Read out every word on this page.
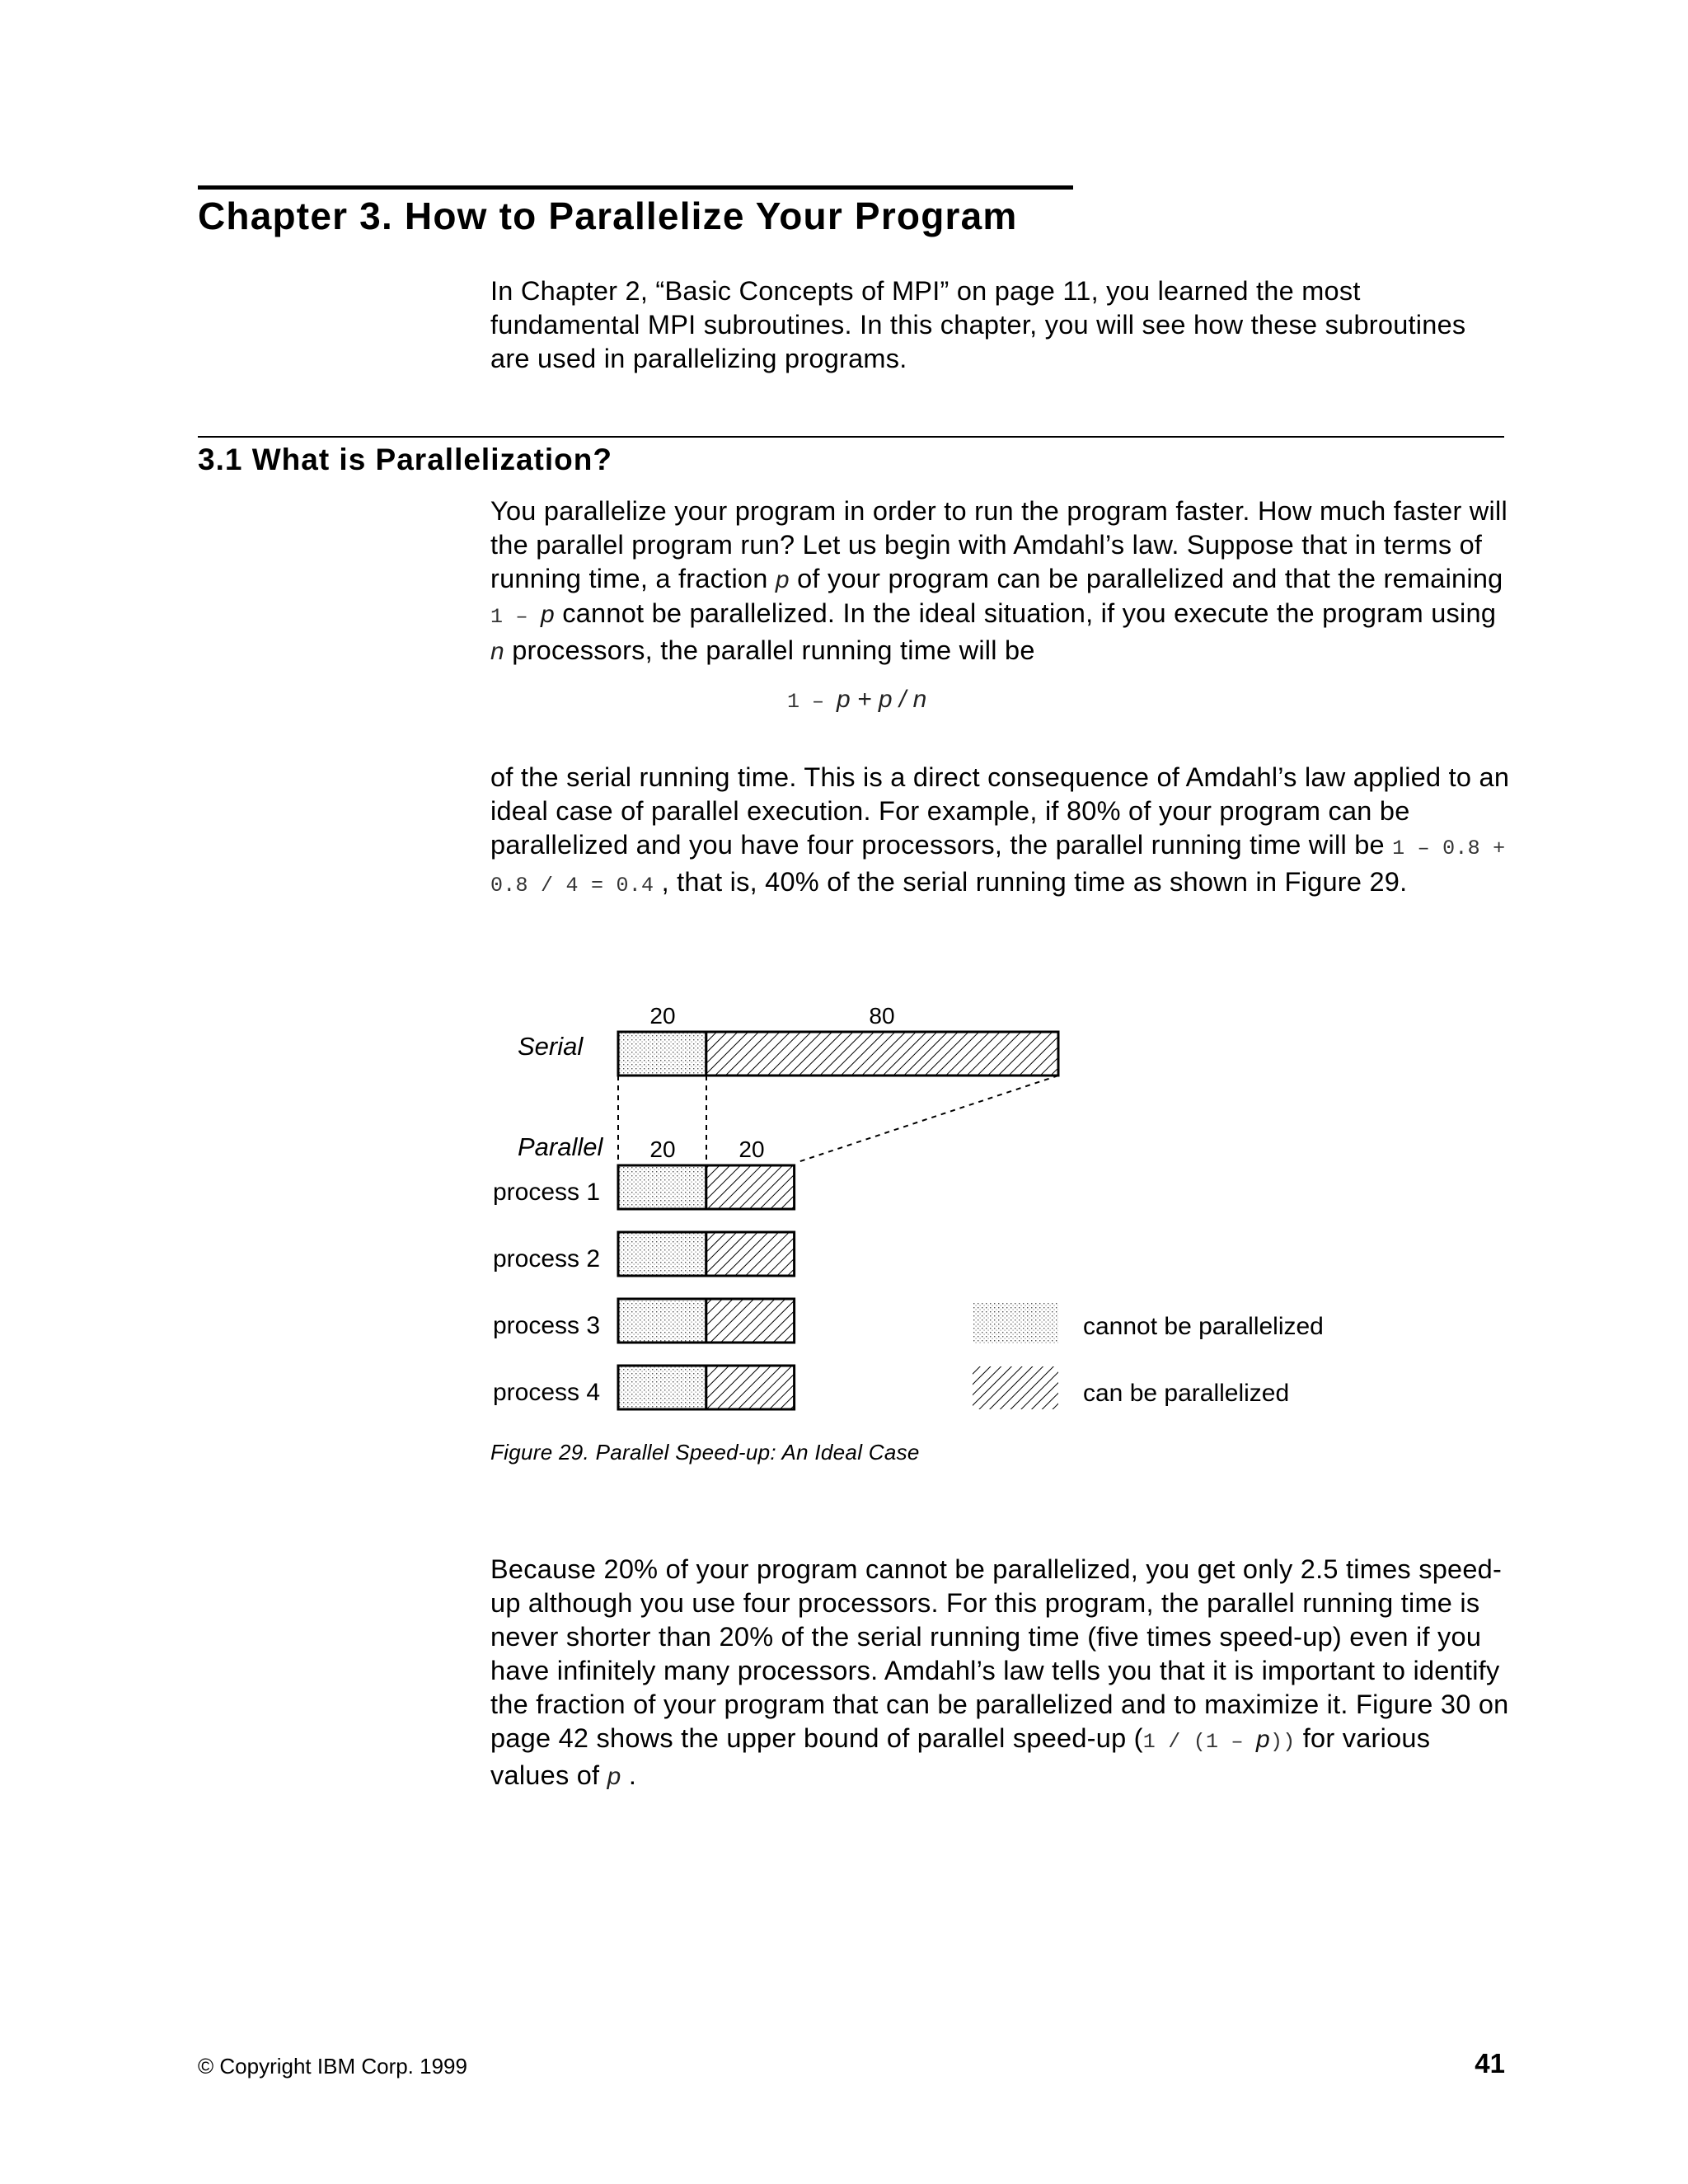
Chapter 3. How to Parallelize Your Program

In Chapter 2, “Basic Concepts of MPI” on page 11, you learned the most fundamental MPI subroutines. In this chapter, you will see how these subroutines are used in parallelizing programs.

3.1 What is Parallelization?

You parallelize your program in order to run the program faster. How much faster will the parallel program run? Let us begin with Amdahl’s law. Suppose that in terms of running time, a fraction p of your program can be parallelized and that the remaining 1 – p cannot be parallelized. In the ideal situation, if you execute the program using n processors, the parallel running time will be

1 – p + p / n

of the serial running time. This is a direct consequence of Amdahl’s law applied to an ideal case of parallel execution. For example, if 80% of your program can be parallelized and you have four processors, the parallel running time will be 1 – 0.8 + 0.8 / 4 = 0.4 , that is, 40% of the serial running time as shown in Figure 29.

Serial
Parallel
20	80
20	20
process 1
process 2
process 3
process 4
cannot be parallelized
can be parallelized

Figure 29. Parallel Speed-up: An Ideal Case

Because 20% of your program cannot be parallelized, you get only 2.5 times speed-up although you use four processors. For this program, the parallel running time is never shorter than 20% of the serial running time (five times speed-up) even if you have infinitely many processors. Amdahl’s law tells you that it is important to identify the fraction of your program that can be parallelized and to maximize it. Figure 30 on page 42 shows the upper bound of parallel speed-up (1 / (1 – p)) for various values of p .

© Copyright IBM Corp. 1999	41
